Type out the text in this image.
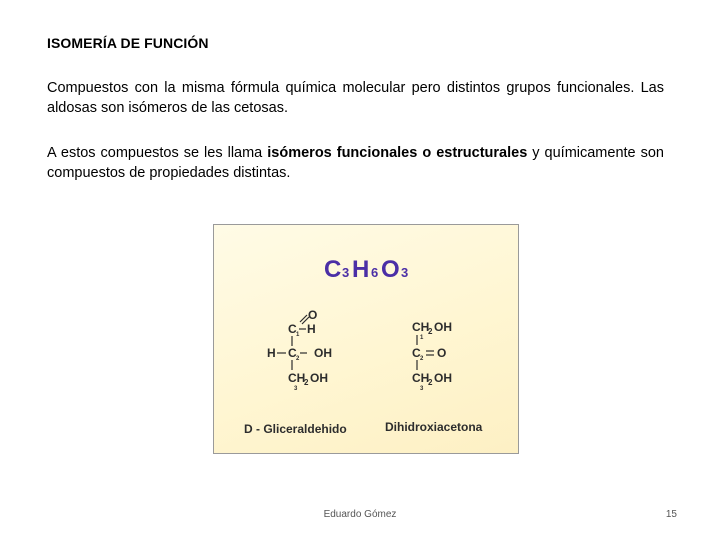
ISOMERÍA DE FUNCIÓN
Compuestos con la misma fórmula química molecular pero distintos grupos funcionales. Las aldosas son isómeros de las cetosas.
A estos compuestos se les llama isómeros funcionales o estructurales y químicamente son compuestos de propiedades distintas.
C 3 H 6 O 3
O
C 1 H
H C 2 OH
CH
2 OH
3
CH
2 OH
1
C 2 O
CH
2 OH
3
D - Gliceraldehido	Dihidroxiacetona
Eduardo Gómez	15
